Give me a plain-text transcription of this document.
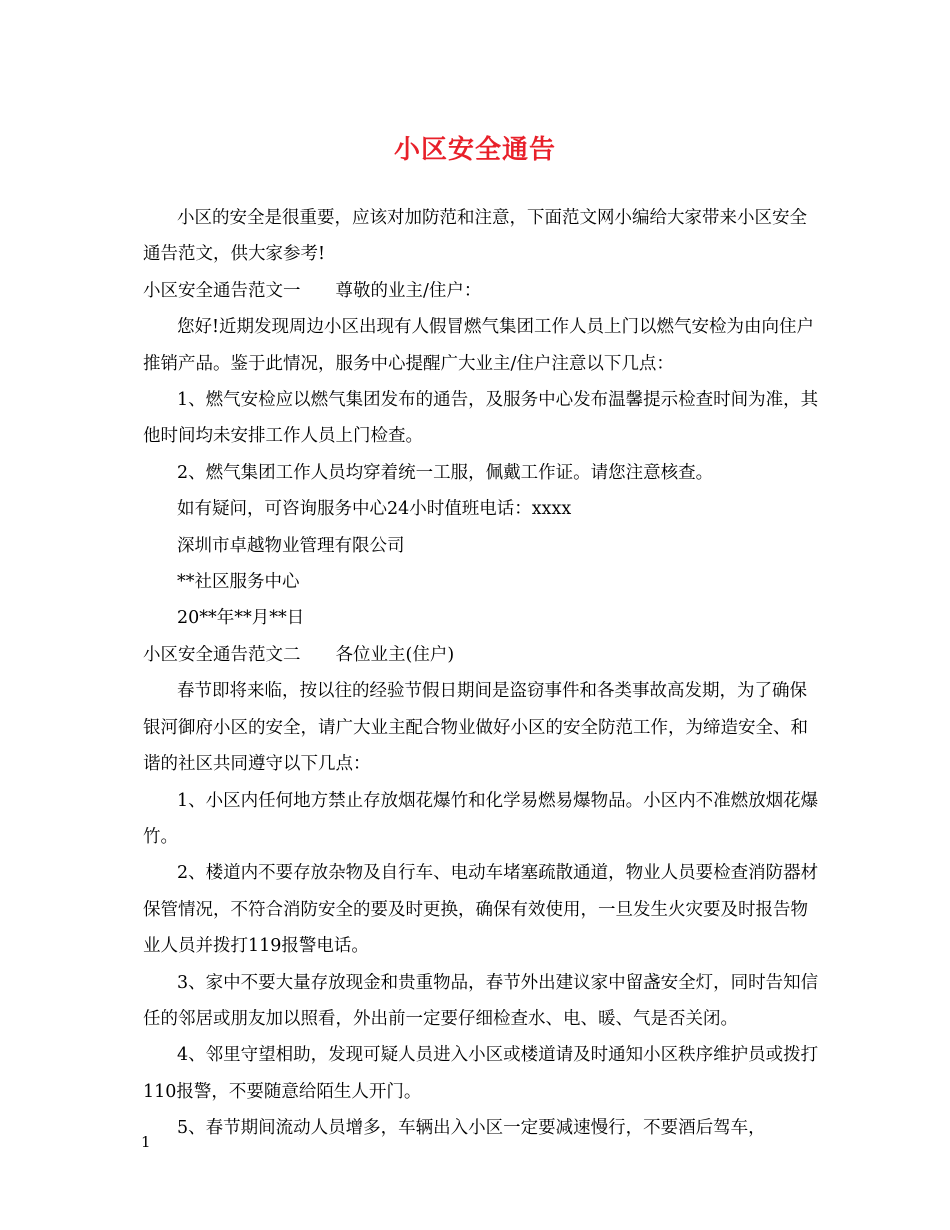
小区安全通告

小区的安全是很重要，应该对加防范和注意，下面范文网小编给大家带来小区安全通告范文，供大家参考!

小区安全通告范文一　　尊敬的业主/住户：

您好!近期发现周边小区出现有人假冒燃气集团工作人员上门以燃气安检为由向住户推销产品。鉴于此情况，服务中心提醒广大业主/住户注意以下几点：

1、燃气安检应以燃气集团发布的通告，及服务中心发布温馨提示检查时间为准，其他时间均未安排工作人员上门检查。

2、燃气集团工作人员均穿着统一工服，佩戴工作证。请您注意核查。

如有疑问，可咨询服务中心24小时值班电话：xxxx

深圳市卓越物业管理有限公司

**社区服务中心

20**年**月**日

小区安全通告范文二　　各位业主(住户)

春节即将来临，按以往的经验节假日期间是盗窃事件和各类事故高发期，为了确保银河御府小区的安全，请广大业主配合物业做好小区的安全防范工作，为缔造安全、和谐的社区共同遵守以下几点：

1、小区内任何地方禁止存放烟花爆竹和化学易燃易爆物品。小区内不准燃放烟花爆竹。

2、楼道内不要存放杂物及自行车、电动车堵塞疏散通道，物业人员要检查消防器材保管情况，不符合消防安全的要及时更换，确保有效使用，一旦发生火灾要及时报告物业人员并拨打119报警电话。

3、家中不要大量存放现金和贵重物品，春节外出建议家中留盏安全灯，同时告知信任的邻居或朋友加以照看，外出前一定要仔细检查水、电、暖、气是否关闭。

4、邻里守望相助，发现可疑人员进入小区或楼道请及时通知小区秩序维护员或拨打110报警，不要随意给陌生人开门。

5、春节期间流动人员增多，车辆出入小区一定要减速慢行，不要酒后驾车，

1
